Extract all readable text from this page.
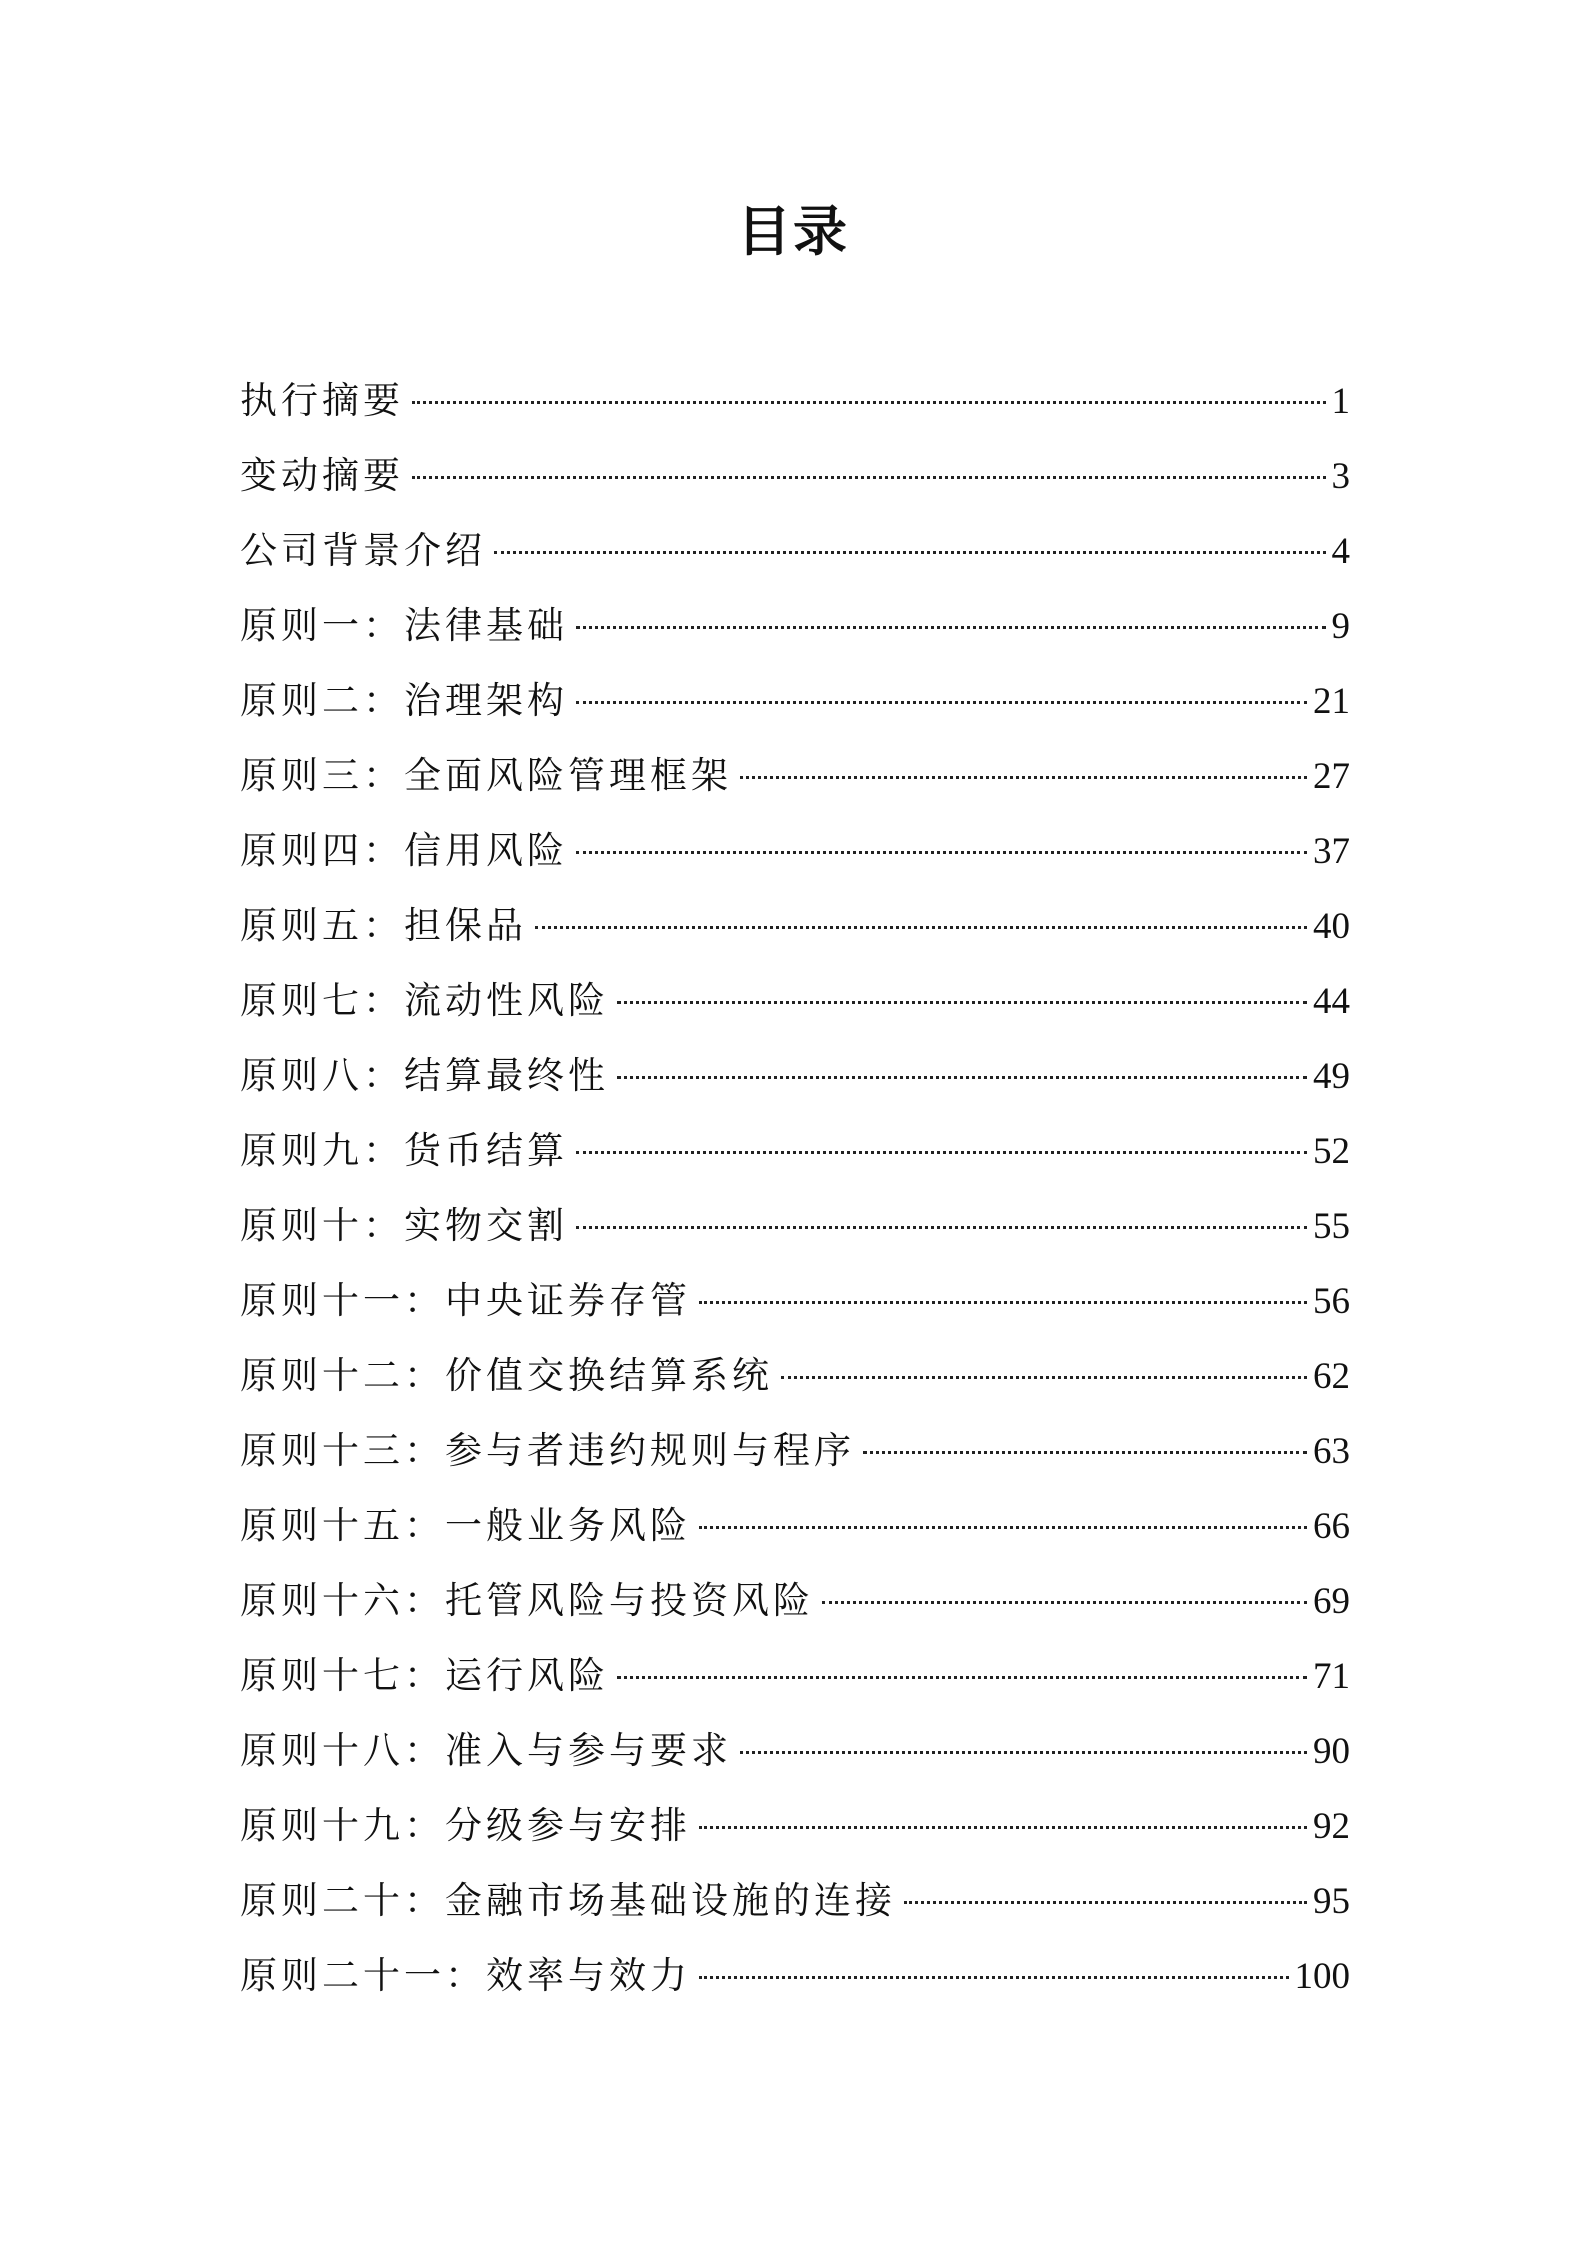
目录
执行摘要	1
变动摘要	3
公司背景介绍	4
原则一：法律基础	9
原则二：治理架构	21
原则三：全面风险管理框架	27
原则四：信用风险	37
原则五：担保品	40
原则七：流动性风险	44
原则八：结算最终性	49
原则九：货币结算	52
原则十：实物交割	55
原则十一：中央证券存管	56
原则十二：价值交换结算系统	62
原则十三：参与者违约规则与程序	63
原则十五：一般业务风险	66
原则十六：托管风险与投资风险	69
原则十七：运行风险	71
原则十八：准入与参与要求	90
原则十九：分级参与安排	92
原则二十：金融市场基础设施的连接	95
原则二十一：效率与效力	100
